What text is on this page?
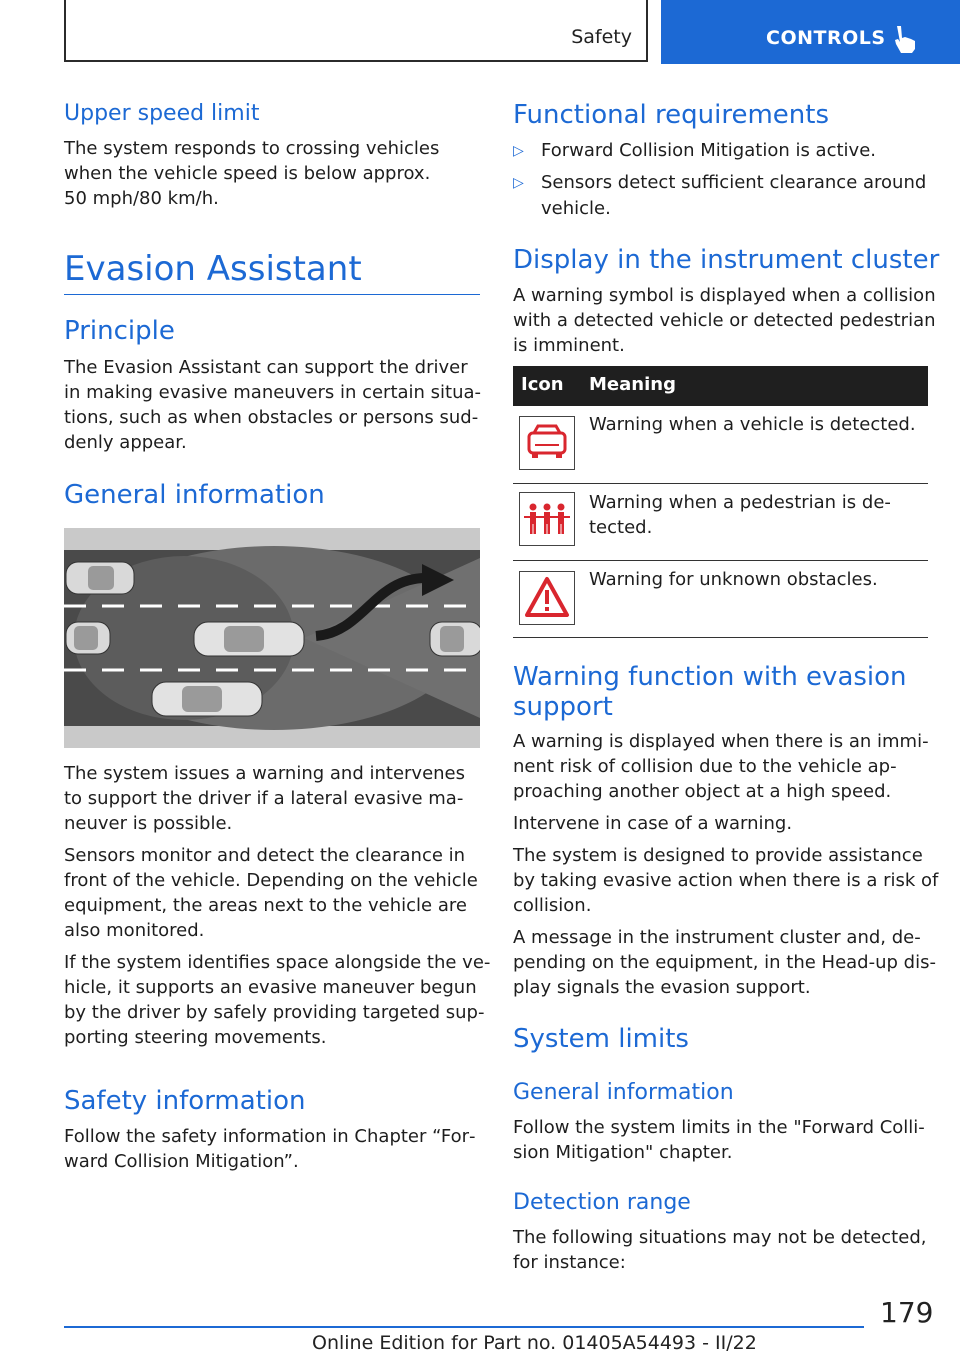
Safety	CONTROLS
Upper speed limit
The system responds to crossing vehicles
when the vehicle speed is below approx.
50 mph/80 km/h.
Evasion Assistant
Principle
The Evasion Assistant can support the driver
in making evasive maneuvers in certain situa‐
tions, such as when obstacles or persons sud‐
denly appear.
General information
The system issues a warning and intervenes
to support the driver if a lateral evasive ma‐
neuver is possible.
Sensors monitor and detect the clearance in
front of the vehicle. Depending on the vehicle
equipment, the areas next to the vehicle are
also monitored.
If the system identifies space alongside the ve‐
hicle, it supports an evasive maneuver begun
by the driver by safely providing targeted sup‐
porting steering movements.
Safety information
Follow the safety information in Chapter “For‐
ward Collision Mitigation”.
Functional requirements
▷ Forward Collision Mitigation is active.
▷ Sensors detect sufficient clearance around
vehicle.
Display in the instrument cluster
A warning symbol is displayed when a collision
with a detected vehicle or detected pedestrian
is imminent.
Icon Meaning
Warning when a vehicle is detected.
Warning when a pedestrian is de‐
tected.
Warning for unknown obstacles.
Warning function with evasion
support
A warning is displayed when there is an immi‐
nent risk of collision due to the vehicle ap‐
proaching another object at a high speed.
Intervene in case of a warning.
The system is designed to provide assistance
by taking evasive action when there is a risk of
collision.
A message in the instrument cluster and, de‐
pending on the equipment, in the Head-up dis‐
play signals the evasion support.
System limits
General information
Follow the system limits in the "Forward Colli‐
sion Mitigation" chapter.
Detection range
The following situations may not be detected,
for instance:
179
Online Edition for Part no. 01405A54493 - II/22
